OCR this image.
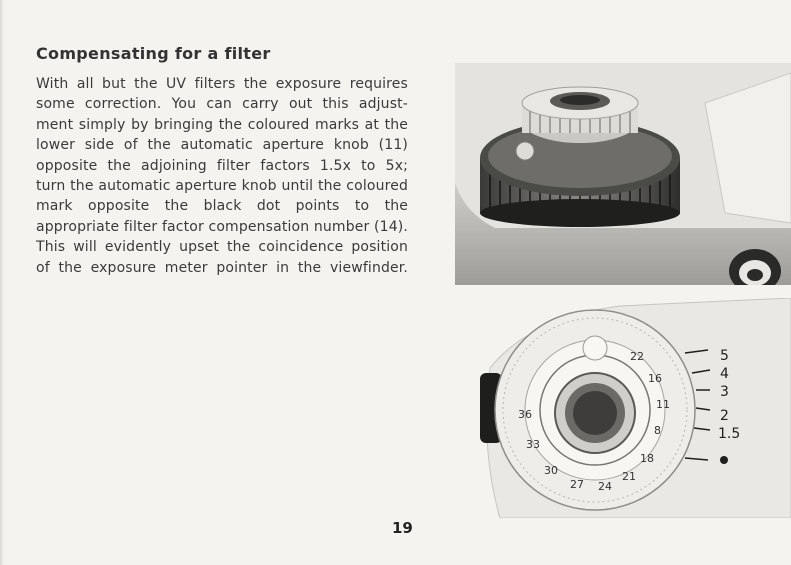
Compensating for a filter
With all but the UV filters the exposure requires
some correction. You can carry out this adjust-
ment simply by bringing the coloured marks at the
lower side of the automatic aperture knob (11)
opposite the adjoining filter factors 1.5x to 5x;
turn the automatic aperture knob until the coloured
mark opposite the black dot points to the
appropriate filter factor compensation number (14).
This will evidently upset the coincidence position
of the exposure meter pointer in the viewfinder.
5
4
3
2
1.5
22
16
11
8
36
33
30
27 24
21
18
19
